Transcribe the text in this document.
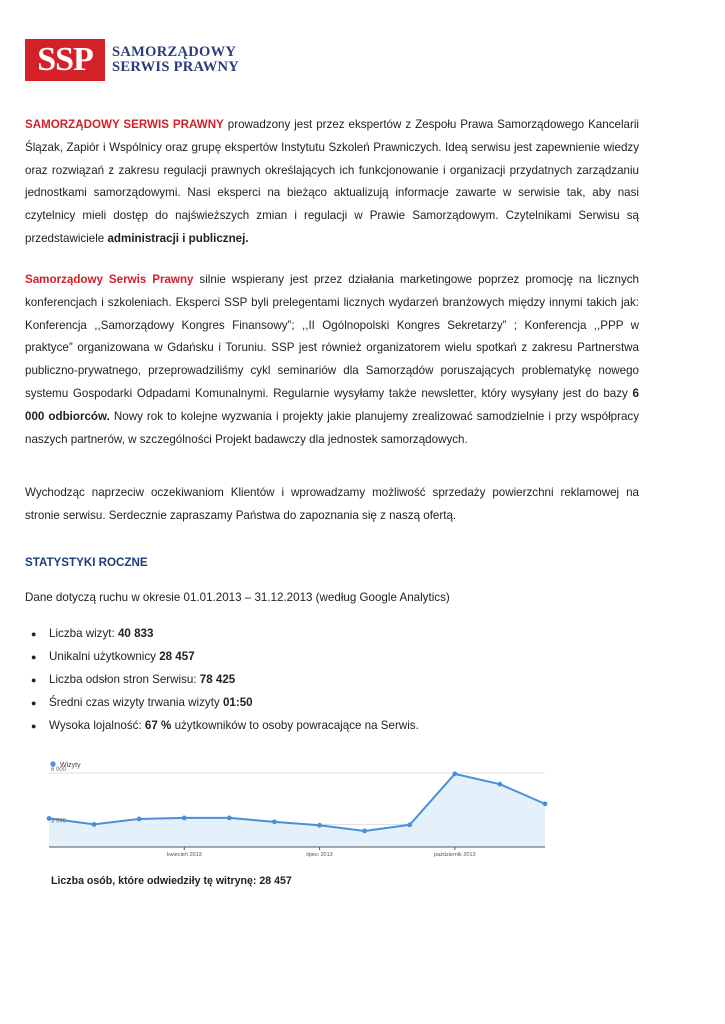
SSP	SAMORZĄDOWY
SERWIS PRAWNY

SAMORZĄDOWY SERWIS PRAWNY prowadzony jest przez ekspertów z Zespołu Prawa Samorządowego Kancelarii Ślązak, Zapiór i Wspólnicy oraz grupę ekspertów Instytutu Szkoleń Prawniczych. Ideą serwisu jest zapewnienie wiedzy oraz rozwiązań z zakresu regulacji prawnych określających ich funkcjonowanie i organizacji przydatnych zarządzaniu jednostkami samorządowymi. Nasi eksperci na bieżąco aktualizują informacje zawarte w serwisie tak, aby nasi czytelnicy mieli dostęp do najświeższych zmian i regulacji w Prawie Samorządowym. Czytelnikami Serwisu są przedstawiciele administracji i publicznej.

Samorządowy Serwis Prawny silnie wspierany jest przez działania marketingowe poprzez promocję na licznych konferencjach i szkoleniach. Eksperci SSP byli prelegentami licznych wydarzeń branżowych między innymi takich jak: Konferencja ,,Samorządowy Kongres Finansowy”; ,,II Ogólnopolski Kongres Sekretarzy” ; Konferencja ,,PPP w praktyce” organizowana w Gdańsku i Toruniu. SSP jest również organizatorem wielu spotkań z zakresu Partnerstwa publiczno-prywatnego, przeprowadziliśmy cykl seminariów dla Samorządów poruszających problematykę nowego systemu Gospodarki Odpadami Komunalnymi. Regularnie wysyłamy także newsletter, który wysyłany jest do bazy 6 000 odbiorców. Nowy rok to kolejne wyzwania i projekty jakie planujemy zrealizować samodzielnie i przy współpracy naszych partnerów, w szczególności Projekt badawczy dla jednostek samorządowych.

Wychodząc naprzeciw oczekiwaniom Klientów i wprowadzamy możliwość sprzedaży powierzchni reklamowej na stronie serwisu. Serdecznie zapraszamy Państwa do zapoznania się z naszą ofertą.

STATYSTYKI ROCZNE

Dane dotyczą ruchu w okresie 01.01.2013 – 31.12.2013 (według Google Analytics)

●	Liczba wizyt: 40 833
●	Unikalni użytkownicy 28 457
●	Liczba odsłon stron Serwisu: 78 425
●	Średni czas wizyty trwania wizyty 01:50
●	Wysoka lojalność: 67 % użytkowników to osoby powracające na Serwis.
Wizyty
6 000
3 000
kwiecień 2013	lipiec 2013	październik 2013

Liczba osób, które odwiedziły tę witrynę: 28 457
